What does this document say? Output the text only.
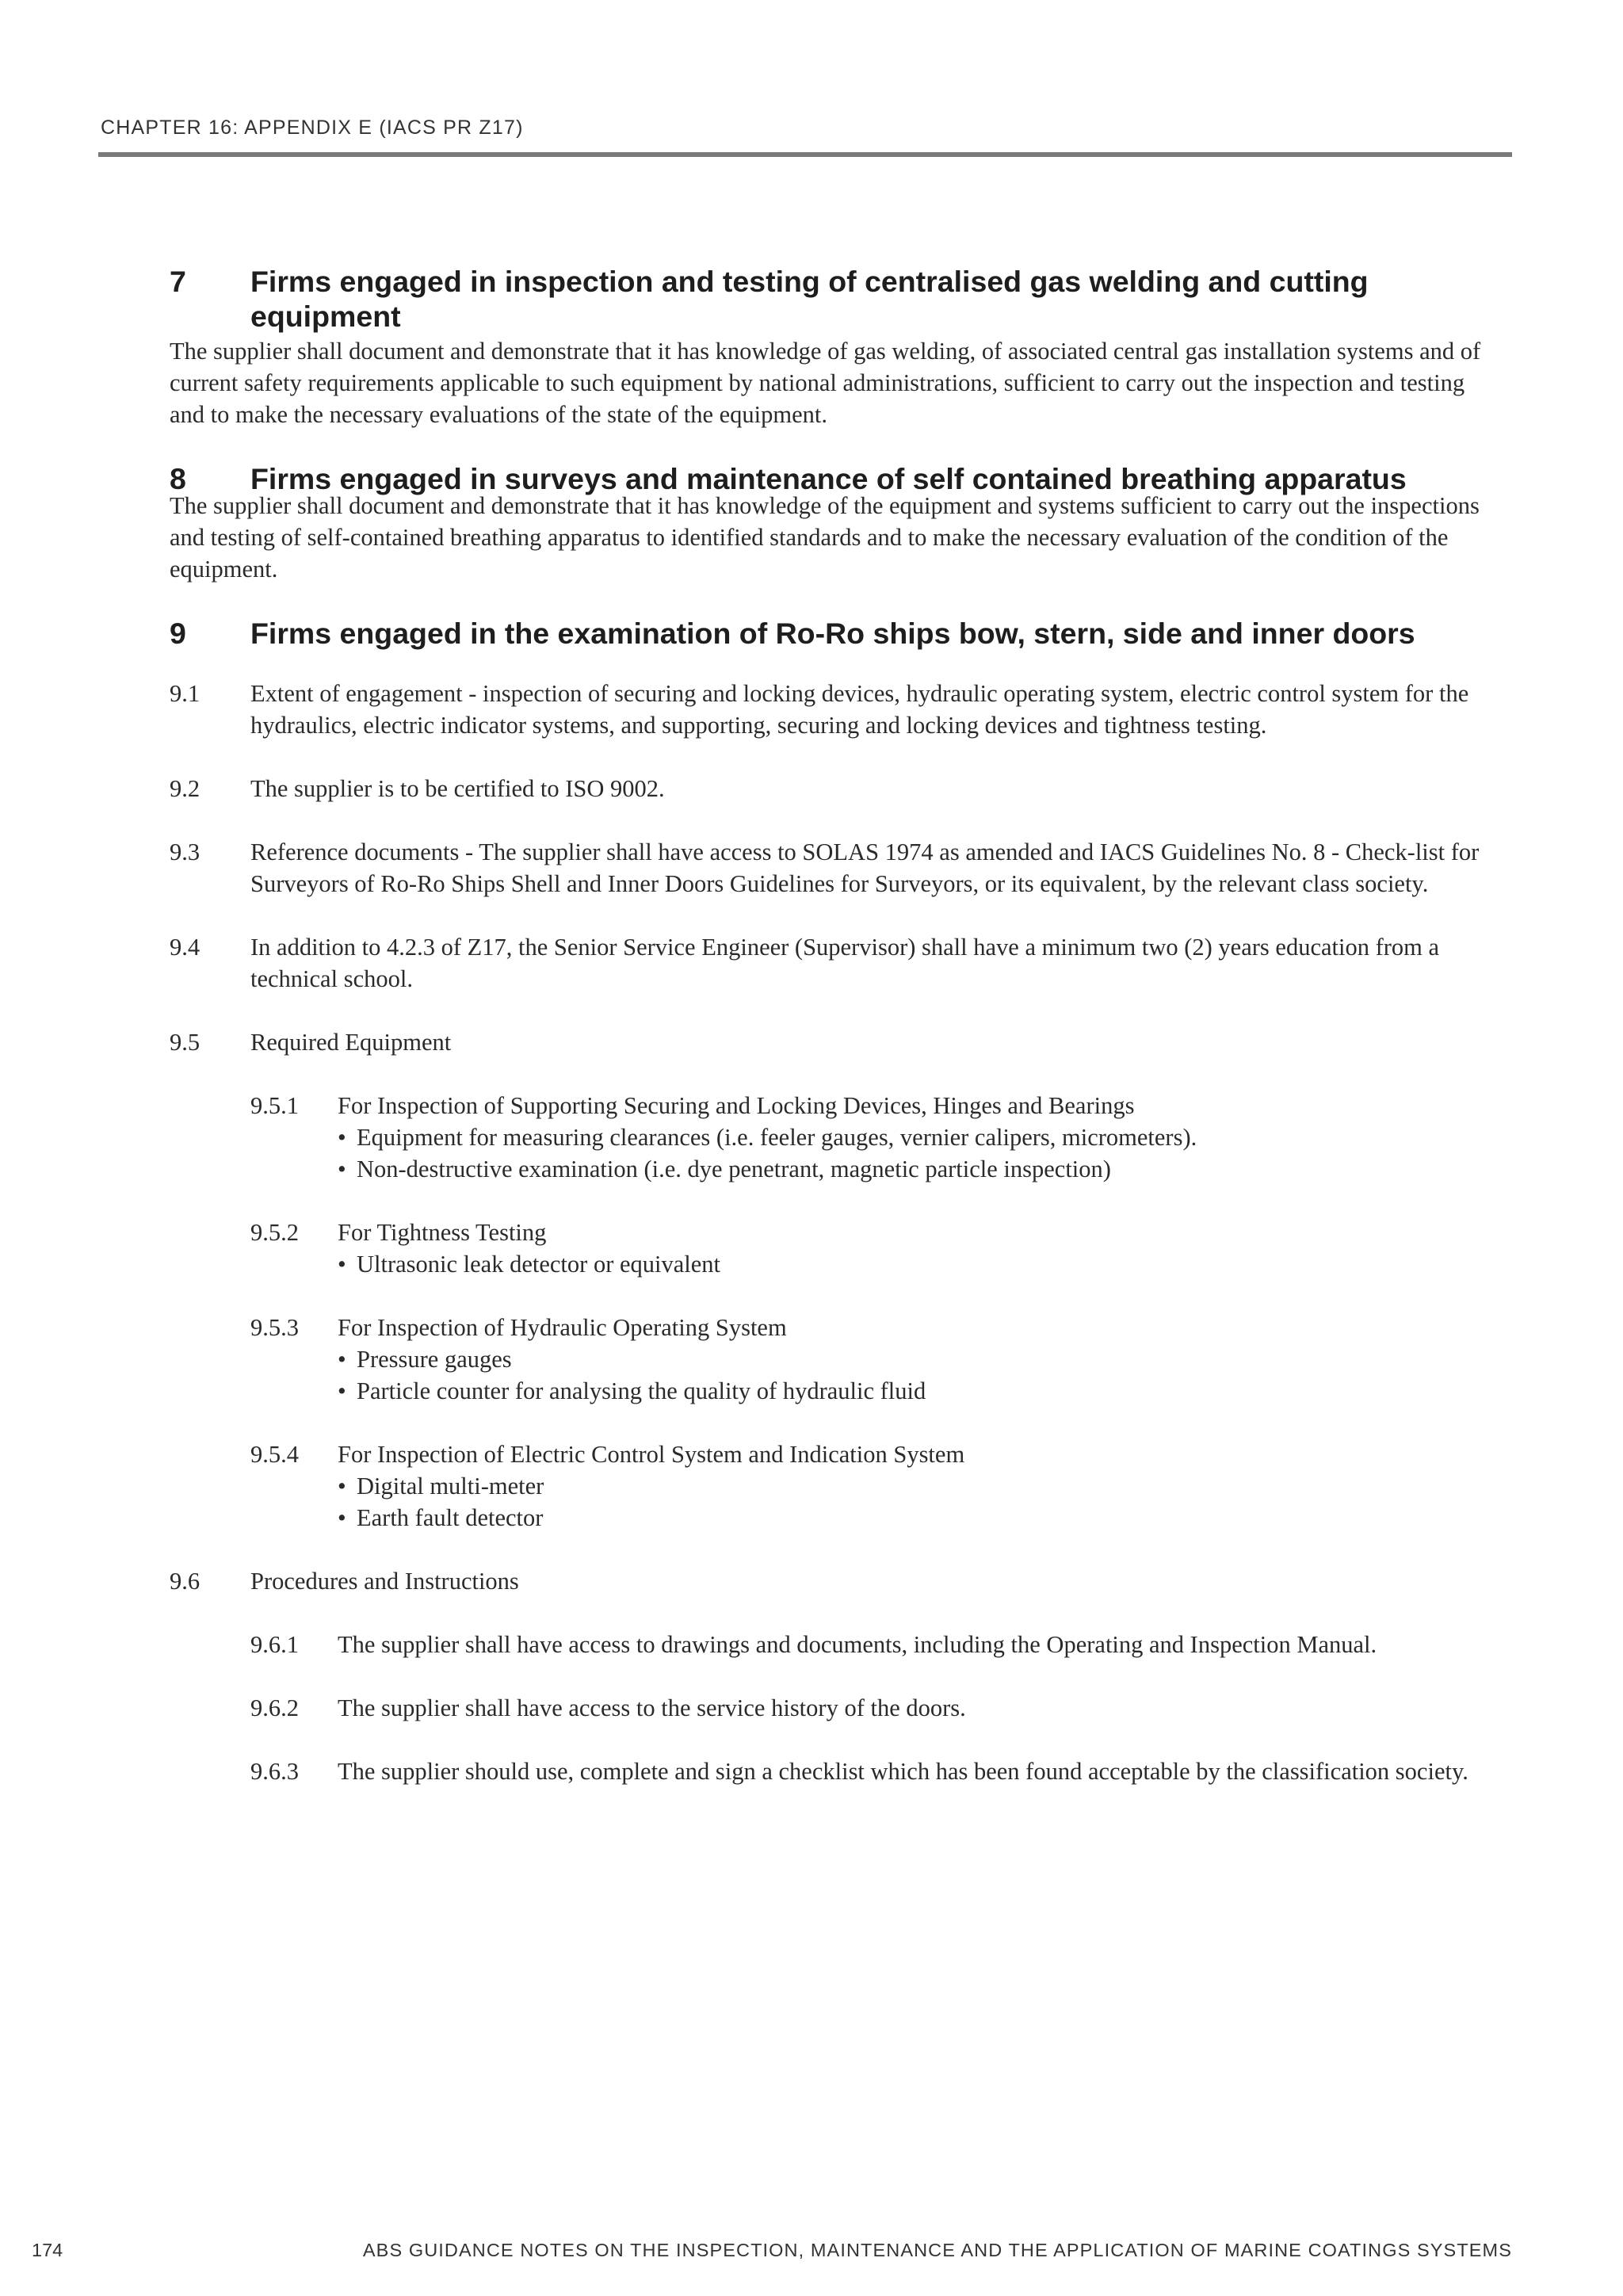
CHAPTER 16: APPENDIX E (IACS PR Z17)
7 Firms engaged in inspection and testing of centralised gas welding and cutting equipment

The supplier shall document and demonstrate that it has knowledge of gas welding, of associated central gas installation systems and of current safety requirements applicable to such equipment by national administrations, sufficient to carry out the inspection and testing and to make the necessary evaluations of the state of the equipment.

8 Firms engaged in surveys and maintenance of self contained breathing apparatus

The supplier shall document and demonstrate that it has knowledge of the equipment and systems sufficient to carry out the inspections and testing of self-contained breathing apparatus to identified standards and to make the necessary evaluation of the condition of the equipment.

9 Firms engaged in the examination of Ro-Ro ships bow, stern, side and inner doors
9.1 Extent of engagement - inspection of securing and locking devices, hydraulic operating system, electric control system for the hydraulics, electric indicator systems, and supporting, securing and locking devices and tightness testing.
9.2 The supplier is to be certified to ISO 9002.
9.3 Reference documents - The supplier shall have access to SOLAS 1974 as amended and IACS Guidelines No. 8 - Check-list for Surveyors of Ro-Ro Ships Shell and Inner Doors Guidelines for Surveyors, or its equivalent, by the relevant class society.
9.4 In addition to 4.2.3 of Z17, the Senior Service Engineer (Supervisor) shall have a minimum two (2) years education from a technical school.
9.5 Required Equipment
9.5.1 For Inspection of Supporting Securing and Locking Devices, Hinges and Bearings
• Equipment for measuring clearances (i.e. feeler gauges, vernier calipers, micrometers).
• Non-destructive examination (i.e. dye penetrant, magnetic particle inspection)
9.5.2 For Tightness Testing
• Ultrasonic leak detector or equivalent
9.5.3 For Inspection of Hydraulic Operating System
• Pressure gauges
• Particle counter for analysing the quality of hydraulic fluid
9.5.4 For Inspection of Electric Control System and Indication System
• Digital multi-meter
• Earth fault detector
9.6 Procedures and Instructions
9.6.1 The supplier shall have access to drawings and documents, including the Operating and Inspection Manual.
9.6.2 The supplier shall have access to the service history of the doors.
9.6.3 The supplier should use, complete and sign a checklist which has been found acceptable by the classification society.
174	ABS GUIDANCE NOTES ON THE INSPECTION, MAINTENANCE AND THE APPLICATION OF MARINE COATINGS SYSTEMS
